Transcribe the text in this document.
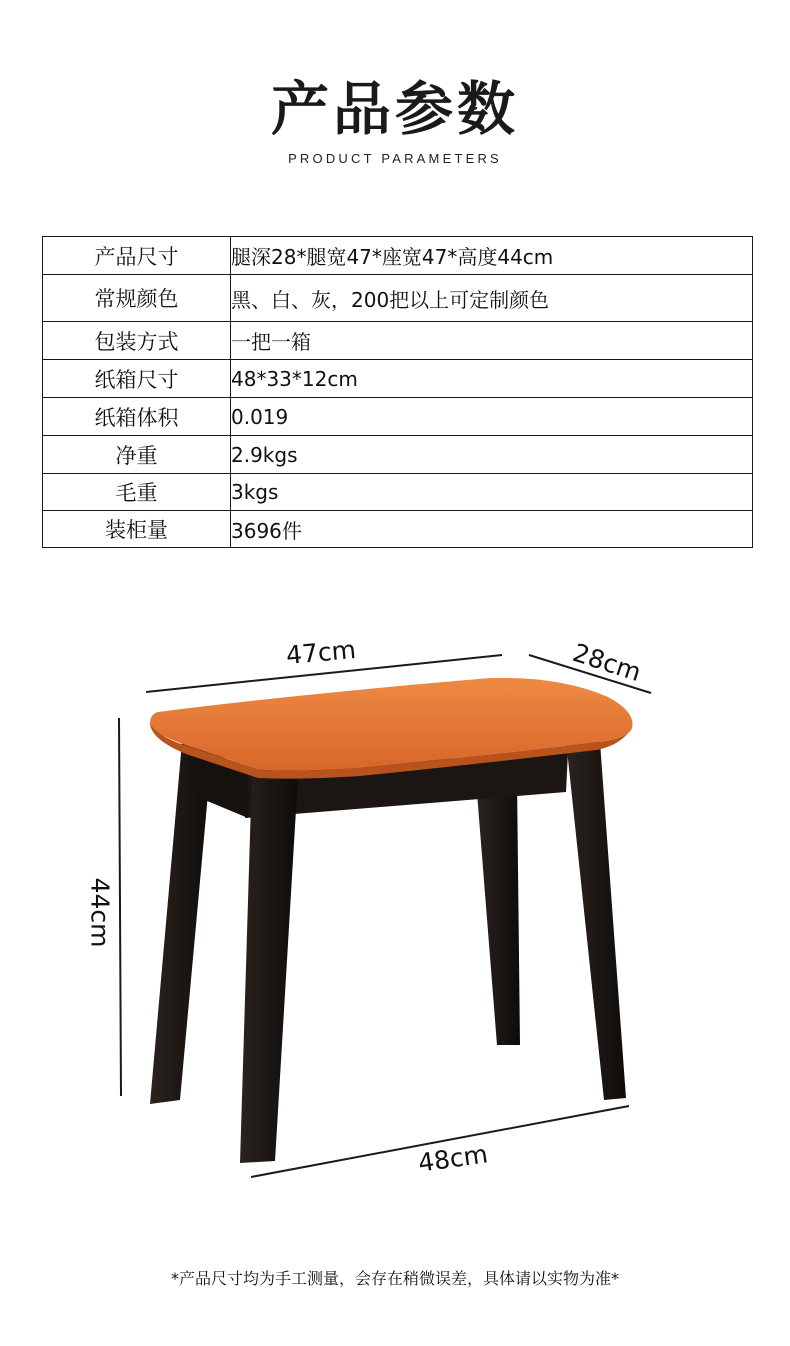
产品参数
PRODUCT PARAMETERS
产品尺寸	腿深28*腿宽47*座宽47*高度44cm
常规颜色	黑、白、灰，200把以上可定制颜色
包装方式	一把一箱
纸箱尺寸	48*33*12cm
纸箱体积	0.019
净重	2.9kgs
毛重	3kgs
装柜量	3696件
47cm	28cm
44cm
48cm
*产品尺寸均为手工测量，会存在稍微误差，具体请以实物为准*
